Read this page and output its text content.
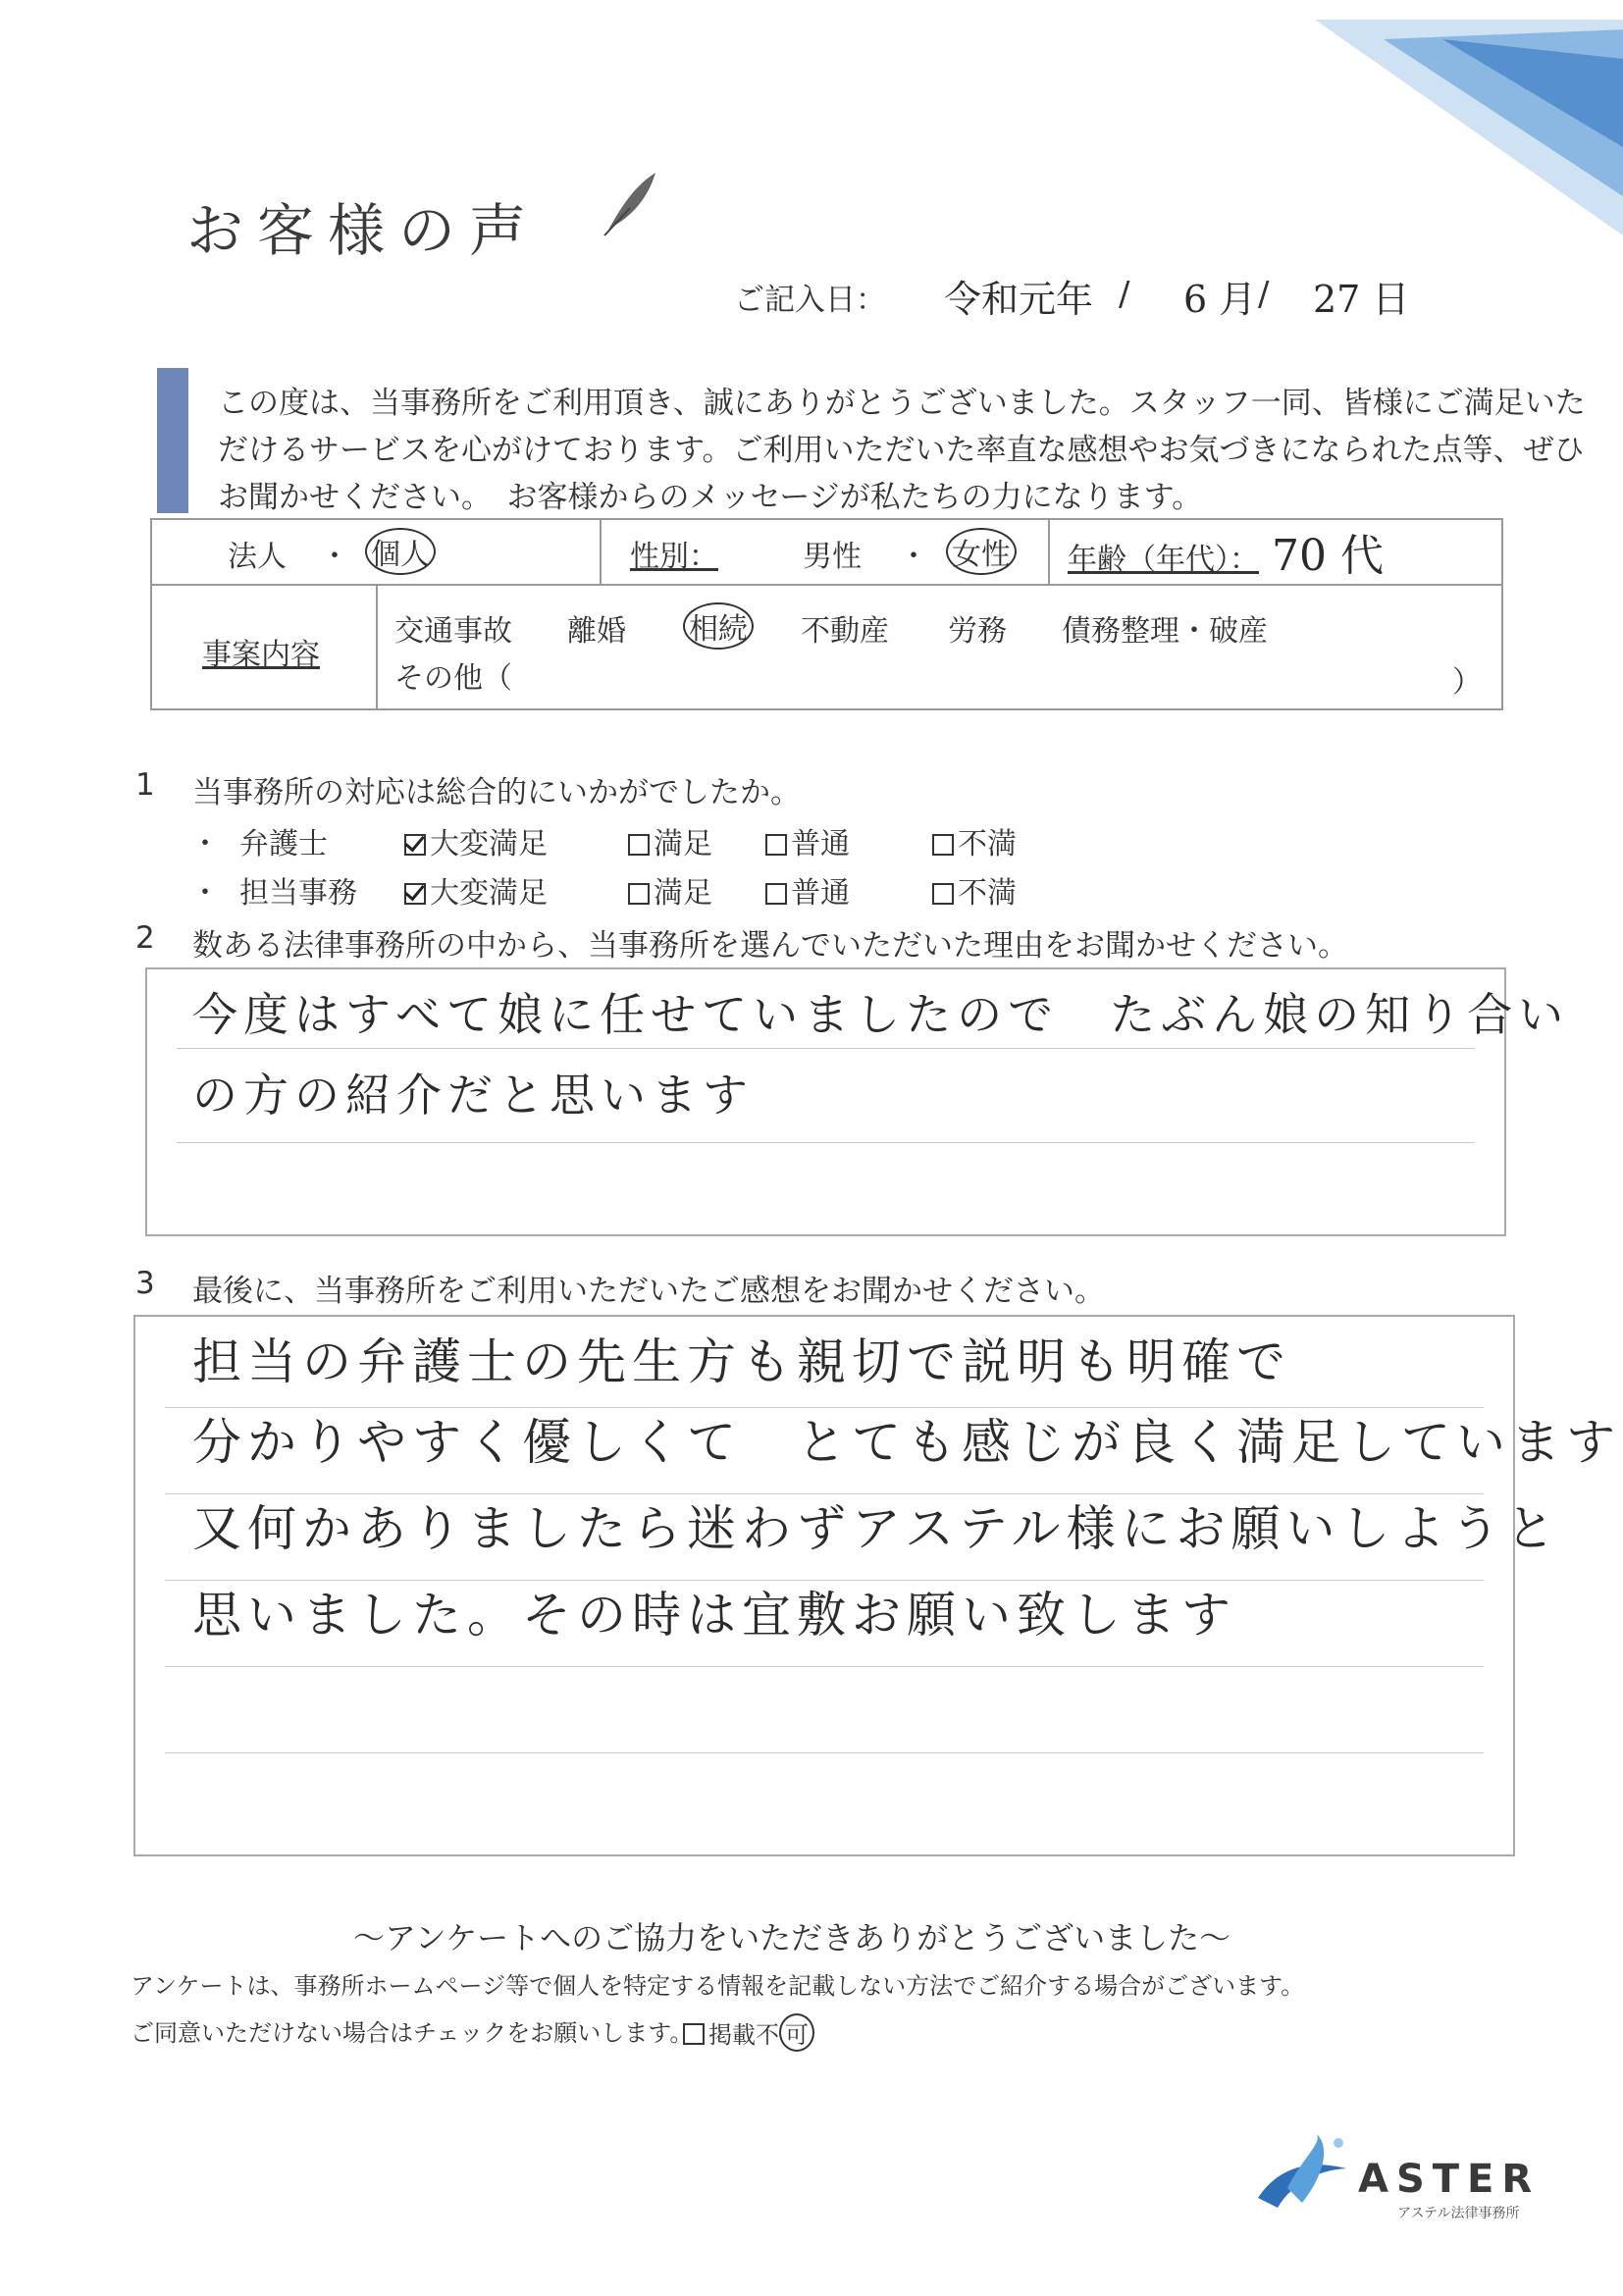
お客様の声
ご記入日： 令和元年 / 6 月 / 27 日
この度は、当事務所をご利用頂き、誠にありがとうございました。スタッフ一同、皆様にご満足いた
だけるサービスを心がけております。ご利用いただいた率直な感想やお気づきになられた点等、ぜひ
お聞かせください。　お客様からのメッセージが私たちの力になります。
法人 ・ 個人	性別：	男性 ・ 女性 年齢（年代）： 70 代
事案内容
交通事故 離婚 相続 不動産 労務 債務整理・破産
その他（	）
1 当事務所の対応は総合的にいかがでしたか。
・ 弁護士	大変満足	満足	普通	不満
・ 担当事務	大変満足	満足	普通	不満
2 数ある法律事務所の中から、当事務所を選んでいただいた理由をお聞かせください。
今度はすべて娘に任せていましたので　たぶん娘の知り合い
の方の紹介だと思います
3 最後に、当事務所をご利用いただいたご感想をお聞かせください。
担当の弁護士の先生方も親切で説明も明確で
分かりやすく優しくて　とても感じが良く満足しています
又何かありましたら迷わずアステル様にお願いしようと
思いました。その時は宜敷お願い致します
～アンケートへのご協力をいただきありがとうございました～
アンケートは、事務所ホームページ等で個人を特定する情報を記載しない方法でご紹介する場合がございます。
ご同意いただけない場合はチェックをお願いします。 掲載不 可
ASTER
アステル法律事務所
